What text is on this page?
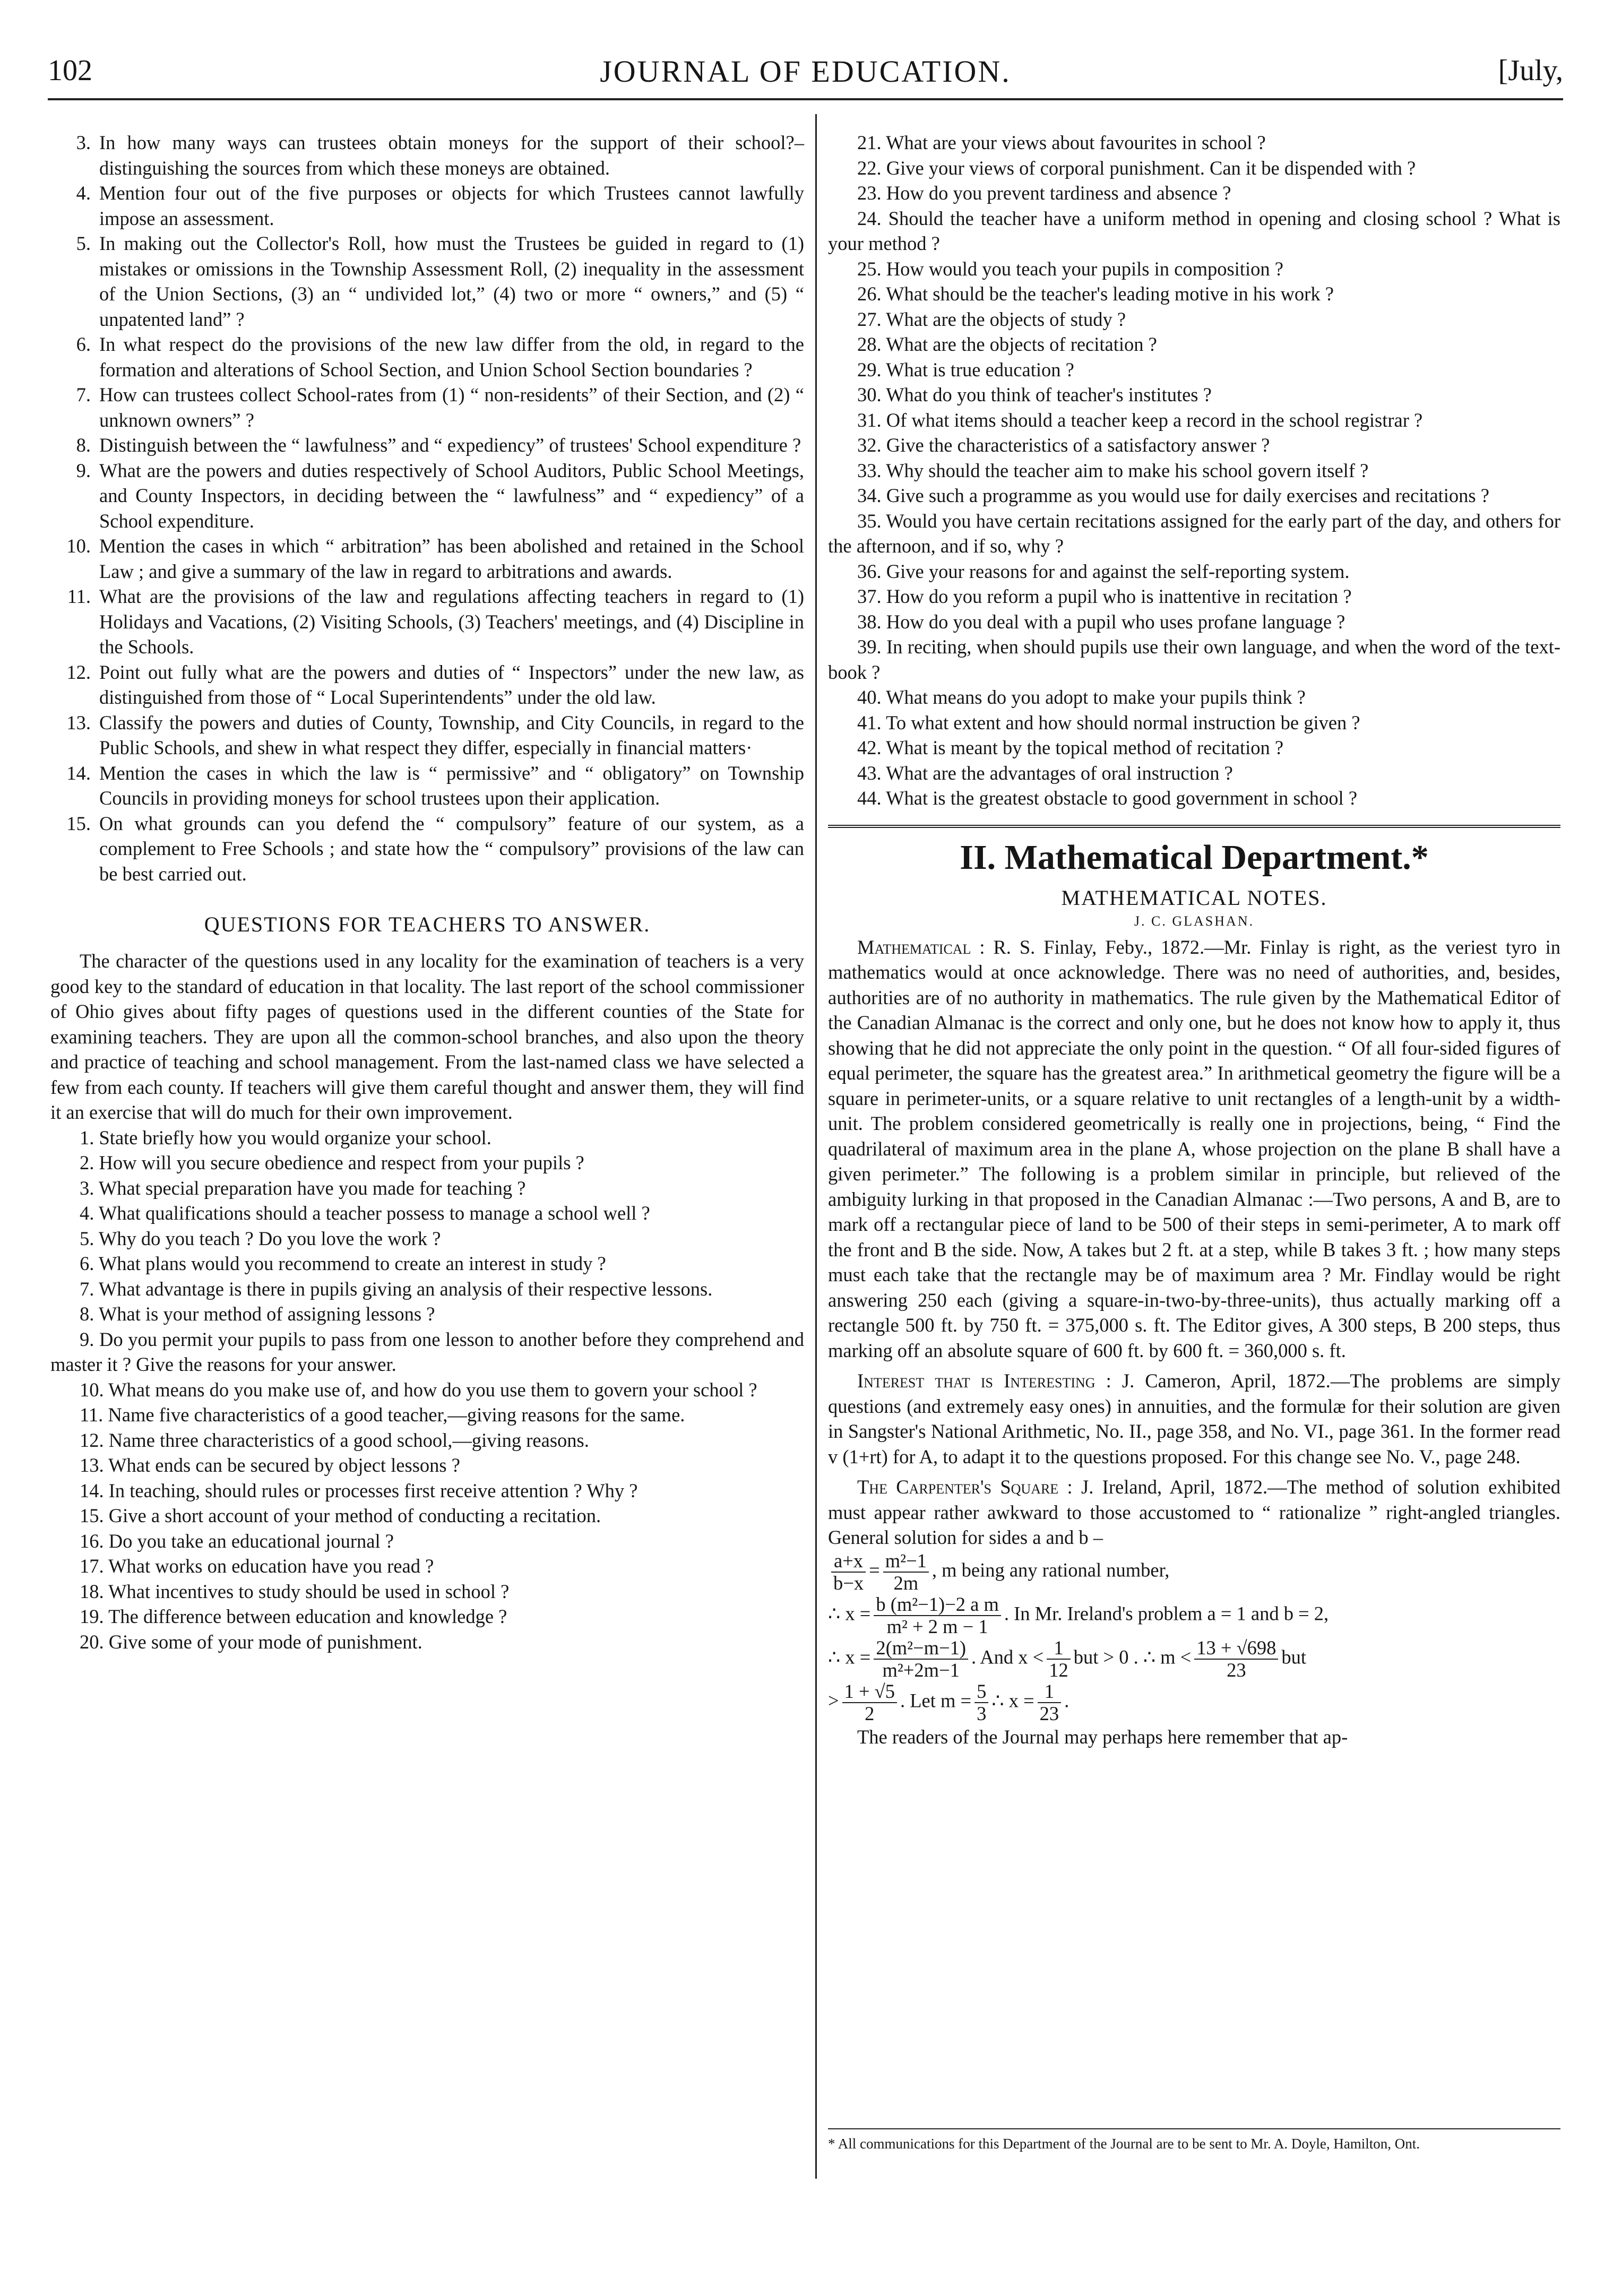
102	JOURNAL OF EDUCATION.	[July,
3. In how many ways can trustees obtain moneys for the support of their school?– distinguishing the sources from which these moneys are obtained.
4. Mention four out of the five purposes or objects for which Trustees cannot lawfully impose an assessment.
5. In making out the Collector's Roll, how must the Trustees be guided in regard to (1) mistakes or omissions in the Township Assessment Roll, (2) inequality in the assessment of the Union Sections, (3) an “ undivided lot,” (4) two or more “ owners,” and (5) “ unpatented land” ?
6. In what respect do the provisions of the new law differ from the old, in regard to the formation and alterations of School Section, and Union School Section boundaries ?
7. How can trustees collect School-rates from (1) “ non-residents” of their Section, and (2) “ unknown owners” ?
8. Distinguish between the “ lawfulness” and “ expediency” of trustees' School expenditure ?
9. What are the powers and duties respectively of School Auditors, Public School Meetings, and County Inspectors, in deciding between the “ lawfulness” and “ expediency” of a School expenditure.
10. Mention the cases in which “ arbitration” has been abolished and retained in the School Law ; and give a summary of the law in regard to arbitrations and awards.
11. What are the provisions of the law and regulations affecting teachers in regard to (1) Holidays and Vacations, (2) Visiting Schools, (3) Teachers' meetings, and (4) Discipline in the Schools.
12. Point out fully what are the powers and duties of “ Inspectors” under the new law, as distinguished from those of “ Local Superintendents” under the old law.
13. Classify the powers and duties of County, Township, and City Councils, in regard to the Public Schools, and shew in what respect they differ, especially in financial matters·
14. Mention the cases in which the law is “ permissive” and “ obligatory” on Township Councils in providing moneys for school trustees upon their application.
15. On what grounds can you defend the “ compulsory” feature of our system, as a complement to Free Schools ; and state how the “ compulsory” provisions of the law can be best carried out.
QUESTIONS FOR TEACHERS TO ANSWER.

The character of the questions used in any locality for the examination of teachers is a very good key to the standard of education in that locality. The last report of the school commissioner of Ohio gives about fifty pages of questions used in the different counties of the State for examining teachers. They are upon all the common-school branches, and also upon the theory and practice of teaching and school management. From the last-named class we have selected a few from each county. If teachers will give them careful thought and answer them, they will find it an exercise that will do much for their own improvement.

1. State briefly how you would organize your school.

2. How will you secure obedience and respect from your pupils ?

3. What special preparation have you made for teaching ?

4. What qualifications should a teacher possess to manage a school well ?

5. Why do you teach ? Do you love the work ?

6. What plans would you recommend to create an interest in study ?

7. What advantage is there in pupils giving an analysis of their respective lessons.

8. What is your method of assigning lessons ?

9. Do you permit your pupils to pass from one lesson to another before they comprehend and master it ? Give the reasons for your answer.

10. What means do you make use of, and how do you use them to govern your school ?

11. Name five characteristics of a good teacher,—giving reasons for the same.

12. Name three characteristics of a good school,—giving reasons.

13. What ends can be secured by object lessons ?

14. In teaching, should rules or processes first receive attention ? Why ?

15. Give a short account of your method of conducting a recitation.

16. Do you take an educational journal ?

17. What works on education have you read ?

18. What incentives to study should be used in school ?

19. The difference between education and knowledge ?

20. Give some of your mode of punishment.

21. What are your views about favourites in school ?

22. Give your views of corporal punishment. Can it be dispended with ?

23. How do you prevent tardiness and absence ?

24. Should the teacher have a uniform method in opening and closing school ? What is your method ?

25. How would you teach your pupils in composition ?

26. What should be the teacher's leading motive in his work ?

27. What are the objects of study ?

28. What are the objects of recitation ?

29. What is true education ?

30. What do you think of teacher's institutes ?

31. Of what items should a teacher keep a record in the school registrar ?

32. Give the characteristics of a satisfactory answer ?

33. Why should the teacher aim to make his school govern itself ?

34. Give such a programme as you would use for daily exercises and recitations ?

35. Would you have certain recitations assigned for the early part of the day, and others for the afternoon, and if so, why ?

36. Give your reasons for and against the self-reporting system.

37. How do you reform a pupil who is inattentive in recitation ?

38. How do you deal with a pupil who uses profane language ?

39. In reciting, when should pupils use their own language, and when the word of the text-book ?

40. What means do you adopt to make your pupils think ?

41. To what extent and how should normal instruction be given ?

42. What is meant by the topical method of recitation ?

43. What are the advantages of oral instruction ?

44. What is the greatest obstacle to good government in school ?

II. Mathematical Department.*
MATHEMATICAL NOTES.
J. C. GLASHAN.

Mathematical : R. S. Finlay, Feby., 1872.—Mr. Finlay is right, as the veriest tyro in mathematics would at once acknowledge. There was no need of authorities, and, besides, authorities are of no authority in mathematics. The rule given by the Mathematical Editor of the Canadian Almanac is the correct and only one, but he does not know how to apply it, thus showing that he did not appreciate the only point in the question. “ Of all four-sided figures of equal perimeter, the square has the greatest area.” In arithmetical geometry the figure will be a square in perimeter-units, or a square relative to unit rectangles of a length-unit by a width-unit. The problem considered geometrically is really one in projections, being, “ Find the quadrilateral of maximum area in the plane A, whose projection on the plane B shall have a given perimeter.” The following is a problem similar in principle, but relieved of the ambiguity lurking in that proposed in the Canadian Almanac :—Two persons, A and B, are to mark off a rectangular piece of land to be 500 of their steps in semi-perimeter, A to mark off the front and B the side. Now, A takes but 2 ft. at a step, while B takes 3 ft. ; how many steps must each take that the rectangle may be of maximum area ? Mr. Findlay would be right answering 250 each (giving a square-in-two-by-three-units), thus actually marking off a rectangle 500 ft. by 750 ft. = 375,000 s. ft. The Editor gives, A 300 steps, B 200 steps, thus marking off an absolute square of 600 ft. by 600 ft. = 360,000 s. ft.

Interest that is Interesting : J. Cameron, April, 1872.—The problems are simply questions (and extremely easy ones) in annuities, and the formulæ for their solution are given in Sangster's National Arithmetic, No. II., page 358, and No. VI., page 361. In the former read v (1+rt) for A, to adapt it to the questions proposed. For this change see No. V., page 248.

The Carpenter's Square : J. Ireland, April, 1872.—The method of solution exhibited must appear rather awkward to those accustomed to “ rationalize ” right-angled triangles. General solution for sides a and b –

$\frac{a+x}{b-x} = \frac{\text{m²−1}}{2m}$ , m being any rational number,
∴ $x = \frac{\text{b (m²−1)−2 a m}}{\text{m² + 2 m − 1}}$ . In Mr. Ireland's problem a = 1 and b = 2,
∴ $x = \frac{\text{2(m²−m−1)}}{\text{m²+2m−1}}$ . And $x < \frac{1}{12}$ but > 0 . ∴ $m < \frac{13 + √698}{23}$ but
> $\frac{1 + √5}{2}$ . Let $m = \frac{5}{3}$ ∴ $x = \frac{1}{23}$ .

The readers of the Journal may perhaps here remember that ap-

* All communications for this Department of the Journal are to be sent to Mr. A. Doyle, Hamilton, Ont.
